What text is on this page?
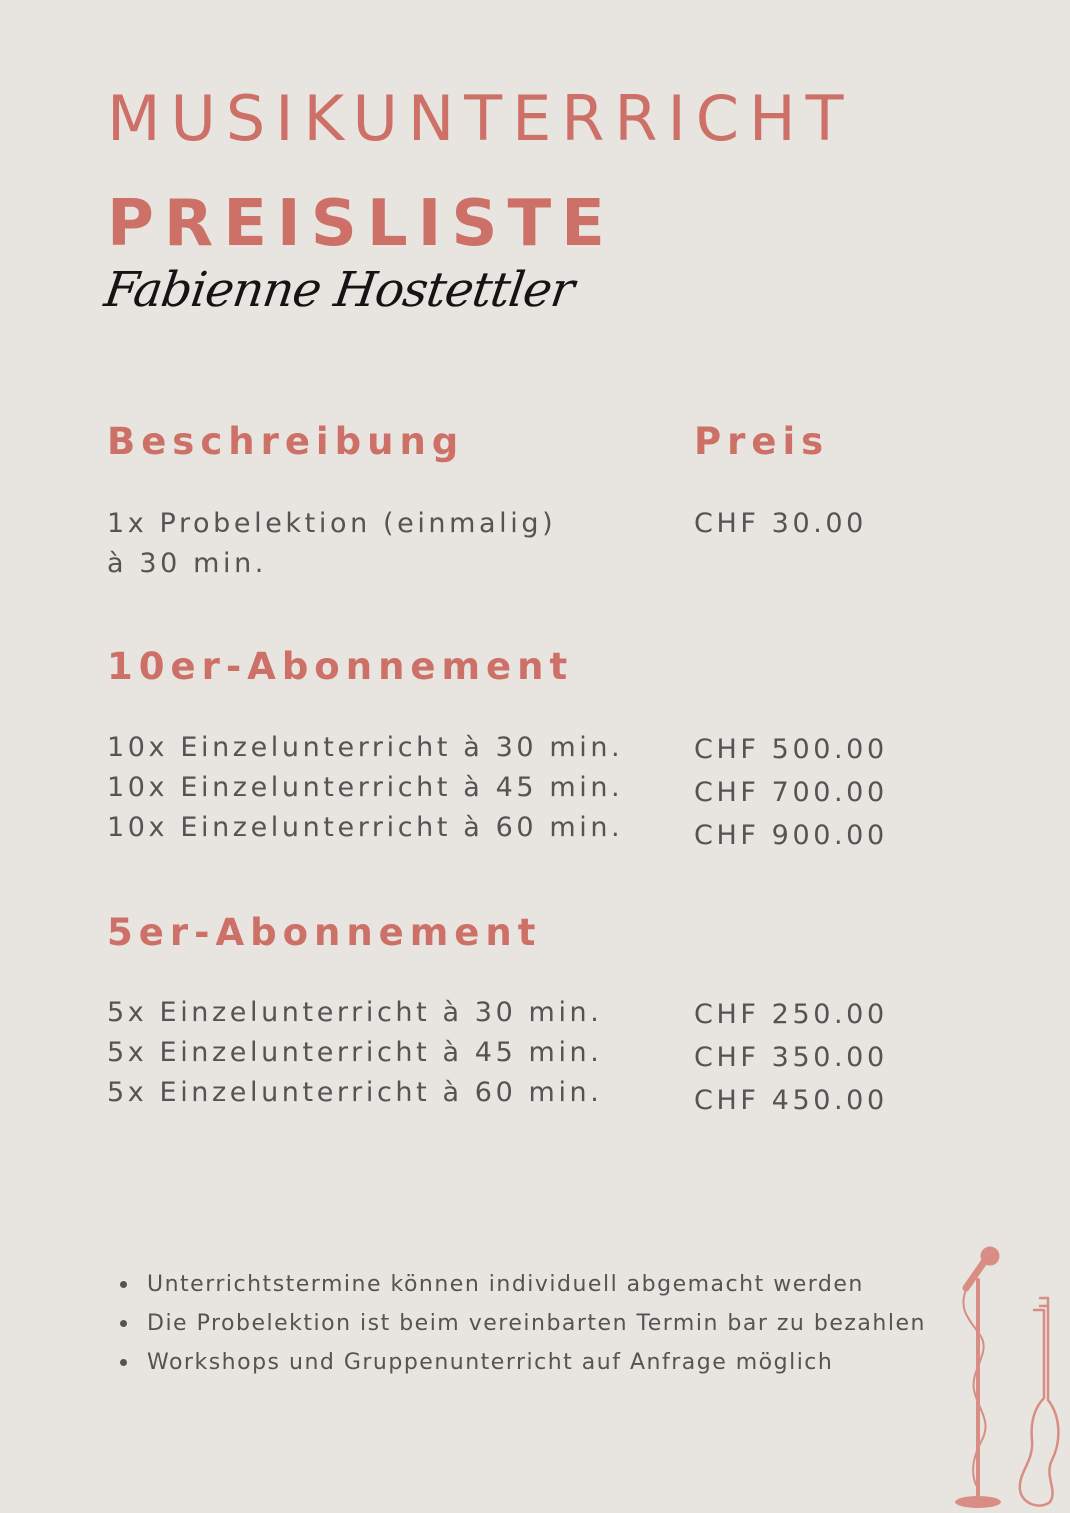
MUSIKUNTERRICHT
PREISLISTE
Fabienne Hostettler
Beschreibung	Preis
1x Probelektion (einmalig)
à 30 min.
CHF 30.00
10er-Abonnement
10x Einzelunterricht à 30 min.
10x Einzelunterricht à 45 min.
10x Einzelunterricht à 60 min.
CHF 500.00
CHF 700.00
CHF 900.00
5er-Abonnement
5x Einzelunterricht à 30 min.
5x Einzelunterricht à 45 min.
5x Einzelunterricht à 60 min.
CHF 250.00
CHF 350.00
CHF 450.00
Unterrichtstermine können individuell abgemacht werden
Die Probelektion ist beim vereinbarten Termin bar zu bezahlen
Workshops und Gruppenunterricht auf Anfrage möglich
